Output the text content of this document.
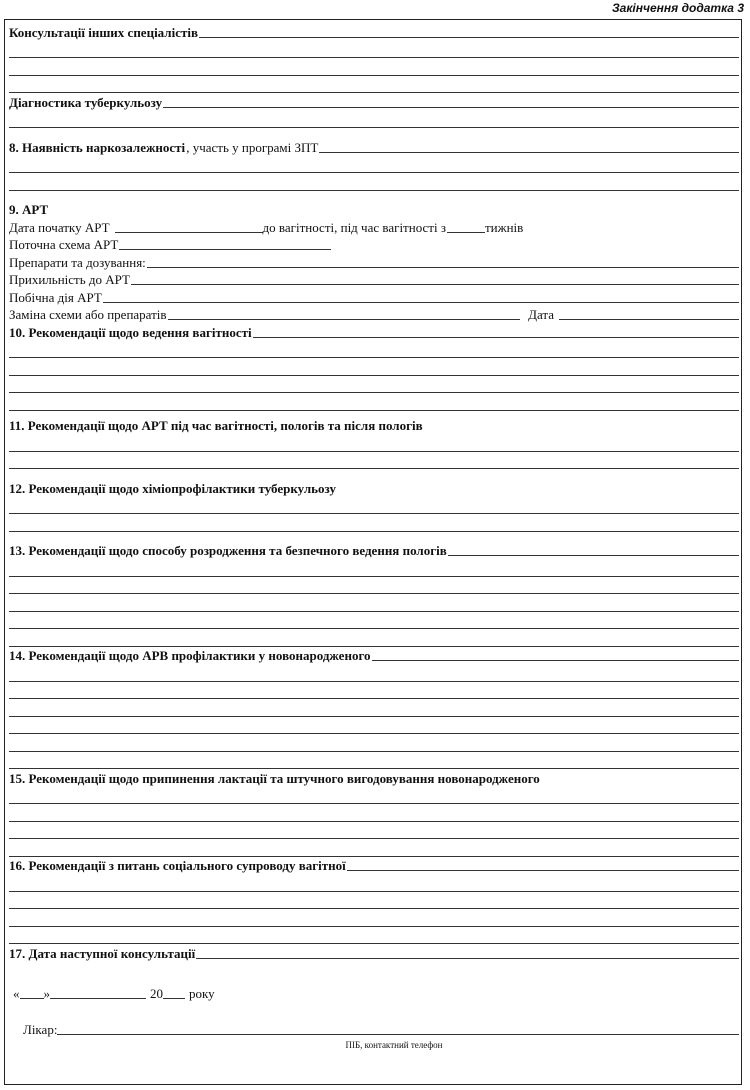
Закінчення додатка 3
Консультації інших спеціалістів
Діагностика туберкульозу
8. Наявність наркозалежності , участь у програмі ЗПТ
9. АРТ
Дата початку АРТ	до вагітності, під час вагітності з	тижнів
Поточна схема АРТ
Препарати та дозування:
Прихильність до АРТ
Побічна дія АРТ
Заміна схеми або препаратів	Дата
10. Рекомендації щодо ведення вагітності
11. Рекомендації щодо АРТ під час вагітності, пологів та після пологів
12. Рекомендації щодо хіміопрофілактики туберкульозу
13. Рекомендації щодо способу розродження та безпечного ведення пологів
14. Рекомендації щодо АРВ профілактики у новонародженого
15. Рекомендації щодо припинення лактації та штучного вигодовування новонародженого
16. Рекомендації з питань соціального супроводу вагітної
17. Дата наступної консультації
« »	20	року
Лікар:
ПІБ, контактний телефон
